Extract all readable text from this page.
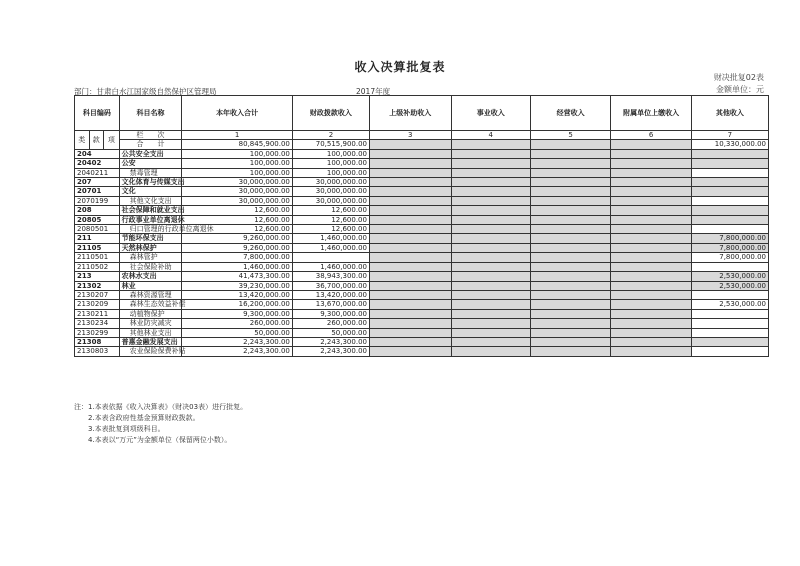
收入决算批复表
财决批复02表
金额单位：元
部门：甘肃白水江国家级自然保护区管理局	2017年度
科目编码			科目名称	本年收入合计	财政拨款收入	上级补助收入	事业收入	经营收入	附属单位上缴收入	其他收入
类	款	项	栏　　次	1	2	3	4	5	6	7
			合　　计	80,845,900.00	70,515,900.00					10,330,000.00
204			公共安全支出	100,000.00	100,000.00					
20402			公安	100,000.00	100,000.00					
2040211			禁毒管理	100,000.00	100,000.00					
207			文化体育与传媒支出	30,000,000.00	30,000,000.00					
20701			文化	30,000,000.00	30,000,000.00					
2070199			其他文化支出	30,000,000.00	30,000,000.00					
208			社会保障和就业支出	12,600.00	12,600.00					
20805			行政事业单位离退休	12,600.00	12,600.00					
2080501			归口管理的行政单位离退休	12,600.00	12,600.00					
211			节能环保支出	9,260,000.00	1,460,000.00					7,800,000.00
21105			天然林保护	9,260,000.00	1,460,000.00					7,800,000.00
2110501			森林管护	7,800,000.00						7,800,000.00
2110502			社会保险补助	1,460,000.00	1,460,000.00					
213			农林水支出	41,473,300.00	38,943,300.00					2,530,000.00
21302			林业	39,230,000.00	36,700,000.00					2,530,000.00
2130207			森林资源管理	13,420,000.00	13,420,000.00					
2130209			森林生态效益补偿	16,200,000.00	13,670,000.00					2,530,000.00
2130211			动植物保护	9,300,000.00	9,300,000.00					
2130234			林业防灾减灾	260,000.00	260,000.00					
2130299			其他林业支出	50,000.00	50,000.00					
21308			普惠金融发展支出	2,243,300.00	2,243,300.00					
2130803			农业保险保费补贴	2,243,300.00	2,243,300.00					
注：1.本表依据《收入决算表》（财决03表）进行批复。
2.本表含政府性基金预算财政拨款。
3.本表批复到项级科目。
4.本表以“万元”为金额单位（保留两位小数）。
